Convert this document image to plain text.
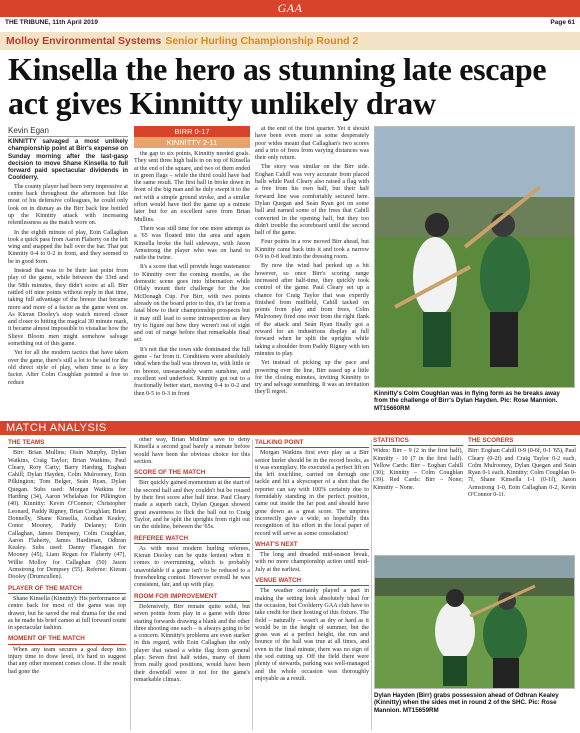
GAA
THE TRIBUNE, 11th April 2019	Page 61
Molloy Environmental Systems Senior Hurling Championship Round 2
Kinsella the hero as stunning late escape act gives Kinnitty unlikely draw
Kevin Egan

KINNITTY salvaged a most unlikely championship point at Birr's expense on Sunday morning after the last-gasp decision to move Shane Kinsella to full forward paid spectacular dividends in Coolderry.

The county player had been very impressive at centre back throughout the afternoon but like most of his defensive colleagues, he could only look on in dismay as the Birr back line bottled up the Kinnitty attack with increasing relentlessness as the match wore on.

In the eighth minute of play, Eoin Callaghan took a quick pass from Aaron Flaherty on the left wing and snapped the ball over the bar. That put Kinnitty 0-4 to 0-2 in front, and they seemed to be in good form.

Instead that was to be their last point from play of the game, while between the 33rd and the 58th minutes, they didn't score at all. Birr rattled off nine points without reply in that time, taking full advantage of the breeze that became more and more of a factor as the game went on. As Kieran Dooley's stop watch moved closer and closer to hitting the magical 30 minute mark, it became almost impossible to visualise how the Slieve Bloom men might somehow salvage something out of this game.

Yet for all the modern tactics that have taken over the game, there's still a lot to be said for the old direct style of play, when time is a key factor. After Colm Coughlan pointed a free to reduce

BIRR 0-17
KINNITTY 2-11

the gap to six points, Kinnitty needed goals. They sent three high balls in on top of Kinsella at the end of the square, and two of them ended in green flags – while the third could have had the same result. The first ball in broke down in front of the big man and he duly swept it to the net with a simple ground stroke, and a similar effort would have tied the game up a minute later but for an excellent save from Brian Mullins.

There was still time for one more attempt as a '65 was floated into the area and again Kinsella broke the ball sideways, with Jason Armstrong the player who was on hand to rattle the twine.

It's a score that will provide huge sustenance to Kinnitty over the coming months, as the domestic scene goes into hibernation while Offaly mount their challenge for the Joe McDonagh Cup. For Birr, with two points already on the board prior to this, it's far from a fatal blow to their championship prospects but it may still lead to some introspection as they try to figure out how they weren't out of sight and out of range before that remarkable final act.

It's not that the town side dominated the full game – far from it. Conditions were absolutely ideal when the ball was thrown in, with little or no breeze, unseasonably warm sunshine, and excellent sod underfoot. Kinnitty got out to a fractionally better start, moving 0-4 to 0-2 and then 0-5 to 0-3 in front

at the end of the first quarter. Yet it should have been even more as some desperately poor wides meant that Callaghan's two scores and a trio of frees from varying distances was their only return.

The story was similar on the Birr side. Eoghan Cahill was very accurate from placed balls while Paul Cleary also raised a flag with a free from his own half, but their half forward line was comfortably secured here. Dylan Quegan and Seán Ryan got on some ball and earned some of the frees that Cahill converted in the opening half, but they too didn't trouble the scoreboard until the second half of the game.

Four points in a row moved Birr ahead, but Kinnitty came back into it and took a narrow 0-9 to 0-8 lead into the dressing room.

By now the wind had perked up a bit however, so once Birr's scoring range increased after half-time, they quickly took control of the game. Paul Cleary set up a chance for Craig Taylor that was expertly finished from midfield, Cahill tacked on points from play and from frees, Colm Mulrooney fired one over from the right flank of the attack and Seán Ryan finally got a reward for an industrious display at full forward when he split the uprights while taking a shoulder from Paddy Rigney with ten minutes to play.

Yet instead of picking up the pace and powering over the line, Birr eased up a little for the closing minutes, inviting Kinnitty to try and salvage something. It was an invitation they'll regret.	Kinnitty's Colm Coughlan was in flying form as he breaks away from the challenge of Birr's Dylan Hayden. Pic: Rose Mannion. MT15660RM
MATCH ANALYSIS
THE TEAMS

Birr: Brian Mullins; Oisín Murphy, Dylan Watkins, Craig Taylor; Brian Watkins, Paul Cleary, Rory Carty; Barry Harding, Eoghan Cahill; Dylan Hayden, Colm Mulrooney, Eoin Pilkington; Tom Belger, Seán Ryan, Dylan Quegan. Subs used: Morgan Watkins for Harding (34), Aaron Whelahan for Pilkington (40). Kinnitty: Kevin O'Connor; Christopher Leonard, Paddy Rigney, Brian Coughlan; Brian Donnelly, Shane Kinsella, Aodhan Kealey, Conor Mooney, Paddy Delaney; Eoin Callaghan, James Dempsey, Colm Coughlan, Aaron Flaherty, James Hardiman, Odhran Kealey. Subs used: Danny Flanagan for Mooney (45), Liam Regan for Flaherty (47), Willie Molloy for Callaghan (50) Jason Armstrong for Dempsey (55). Referee: Kieran Dooley (Drumcullen).

PLAYER OF THE MATCH

Shane Kinsella (Kinnitty): His performance at centre back for most of the game was top drawer, but he saved the real drama for the end as he made his brief cameo at full forward count in spectacular fashion.

MOMENT OF THE MATCH

When any team secures a goal deep into injury time to draw level, it's hard to suggest that any other moment comes close. If the result had gone the

other way, Brian Mullins' save to deny Kinsella a second goal barely a minute before would have been the obvious choice for this section.

SCORE OF THE MATCH

Birr quickly gained momentum at the start of the second half and they couldn't but be roused by their first score after half time. Paul Cleary made a superb catch, Dylan Quegan showed great awareness to flick the ball out to Craig Taylor, and he split the uprights from right out on the sideline, between the '65s.

REFEREE WATCH

As with most modern hurling referees, Kieran Dooley can be quite lenient when it comes to overrunning, which is probably unavoidable if a game isn't to be reduced to a freewheeling contest. However overall he was consistent, fair, and up with play.

ROOM FOR IMPROVEMENT

Defensively, Birr remain quite solid, but seven points from play in a game with three starting forwards drawing a blank and the other three shooting one each – is always going to be a concern. Kinnitty's problems are even starker in this regard, with Eoin Callaghan the only player that raised a white flag from general play. Seven first half wides, many of them from really good positions, would have been their downfall were it not for the game's remarkable climax.

TALKING POINT

Morgan Watkins first ever play as a Birr senior hurler should be in the record books, as it was exemplary. He executed a perfect lift on the left touchline, carried on through one tackle and hit a skyscraper of a shot that the reporter can say with 100% certainty due to formidably standing in the perfect position, came out inside the far post and should have gone down as a great score. The umpires incorrectly gave a wide, so hopefully this recognition of his effort in the local paper of record will serve as some consolation!

WHAT'S NEXT

The long and dreaded mid-season break, with no more championship action until mid-July at the earliest.

VENUE WATCH

The weather certainly played a part in making the setting look absolutely ideal for the occasion, but Coolderry GAA club have to take credit for their hosting of this fixture. The field – naturally – wasn't as dry or hard as it would be in the height of summer, but the grass was at a perfect height, the run and bounce of the ball was true at all times, and even in the final minute, there was no sign of the sod cutting up. Off the field there were plenty of stewards, parking was well-managed and the whole occasion was thoroughly enjoyable as a result.

STATISTICS

Wides: Birr - 9 (2 in the first half), Kinnitty - 10 (7 in the first half). Yellow Cards: Birr – Eoghan Cahill (30); Kinnitty – Colm Coughlan (39). Red Cards: Birr – None; Kinnitty – None.

THE SCORERS

Birr: Eoghan Cahill 0-9 (0-6f, 0-1 '65), Paul Cleary (0-2f) and Craig Taylor 0-2 each, Colm Mulrooney, Dylan Quegan and Seán Ryan 0-1 each. Kinnitty: Colm Coughlan 0-7f, Shane Kinsella 1-1 (0-1f), Jason Armstrong 1-0, Eoin Callaghan 0-2, Kevin O'Connor 0-1f.

Dylan Hayden (Birr) grabs possession ahead of Odhran Kealey (Kinnitty) when the sides met in round 2 of the SHC. Pic: Rose Mannion. MT15659RM
